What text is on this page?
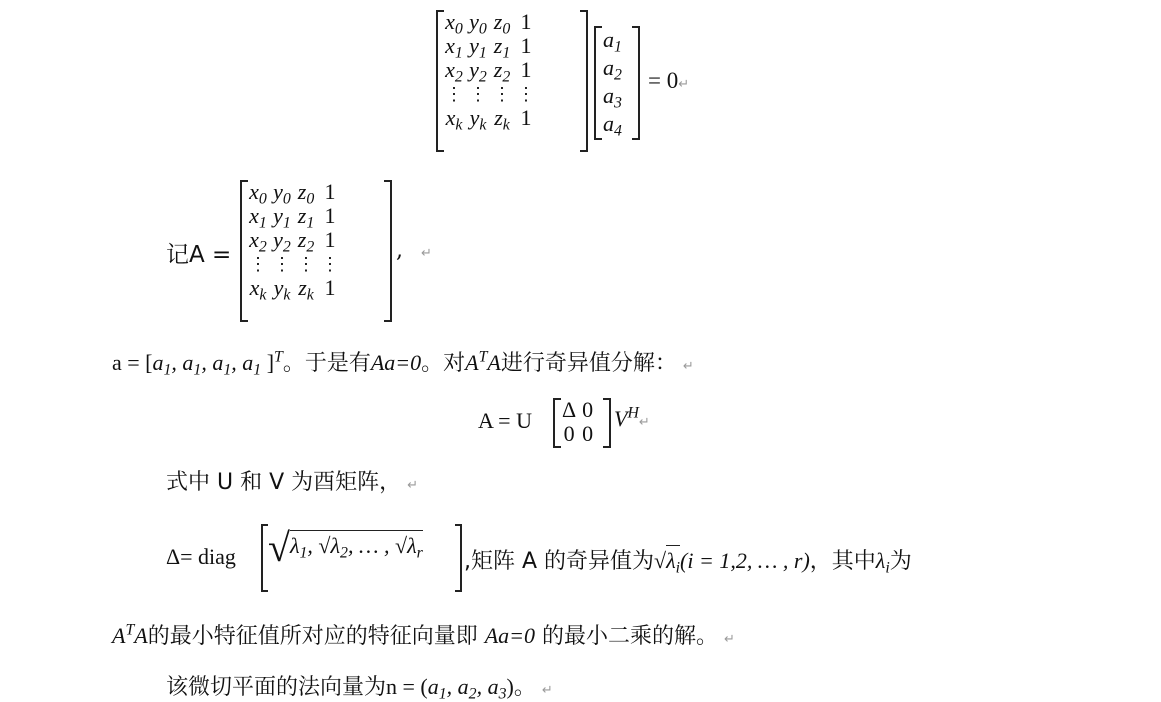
$x_0$	$y_0$	$z_0$	1
$x_1$	$y_1$	$z_1$	1
$x_2$	$y_2$	$z_2$	1
⋮	⋮	⋮	⋮
$x_k$	$y_k$	$z_k$	1
$a_1$
$a_2$
$a_3$
$a_4$
= 0↵
记A =
$x_0$	$y_0$	$z_0$	1
$x_1$	$y_1$	$z_1$	1
$x_2$	$y_2$	$z_2$	1
⋮	⋮	⋮	⋮
$x_k$	$y_k$	$z_k$	1
, ↵
$a = [a_1$, $a_1$, $a_1$, $a_1$ ]$^T$。于是有Aa=0。对$A^TA$进行奇异值分解： ↵
A = U Δ	0
0	0
$V^H↵$
式中 U 和 V 为酉矩阵， ↵
Δ= diag $√\lambda_1$, $√\lambda_2$, … , $√\lambda_r$ ,矩阵 A 的奇异值为$√\lambda_i(i = 1,2$, … , r)，其中$\lambda_i$为
$A^TA$的最小特征值所对应的特征向量即 Aa=0 的最小二乘的解。 ↵
该微切平面的法向量为$n = (a_1$, $a_2$, $a_3$)。 ↵
